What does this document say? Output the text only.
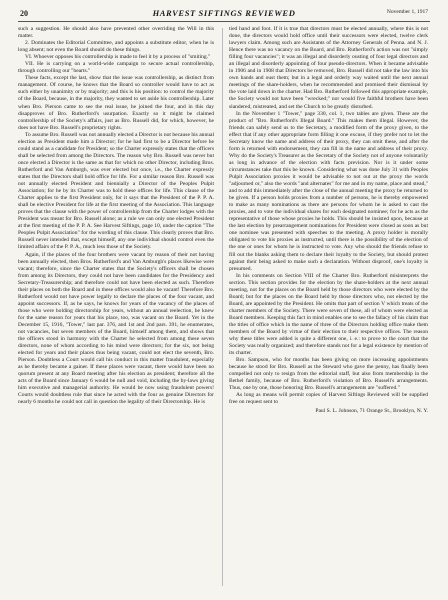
20	HARVEST SIFTINGS REVIEWED	November 1, 1917

such a suggestion. He should also have prevented other overriding the Will in this matter.

2. Dominates the Editorial Committee, and appoints a substitute editor, when he is long absent; not even the Board should do these things.

VI. Whoever opposes his controllership is made to feel it by a process of "smiting."

VII. He is carrying on a world-wide campaign to secure actual controllership, through controlling our "hearts."

These facts, except the last, show that the issue was controllership, as distinct from management. Of course, he knows that the Board so controller would have to act as such either by unanimity or by majority; and this is his position: to control the majority of the Board, because, in the majority, they wanted to set aside his controllership. Later when Bro. Pierson came to see the real issue, he joined the four, and in this day disapproves of Bro. Rutherford's usurpation. Exactly so it might be claimed controllership of the Society's affairs, just as Bro. Russell did, for which, however, he does not have Bro. Russell's proprietary rights.

To assume Bro. Russell was not annually elected a Director is not because his annual election as President made him a Director; for he had first to be a Director before he could stand as a candidate for President; so the Charter expressly states that the officers shall be selected from among the Directors. The reason why Bro. Russell was never but once elected a Director is the same as that for which no other Director, including Bros. Rutherford and Van Amburgh, was ever elected but once, i.e., the Charter expressly states that the Directors shall hold office for life. For a similar reason Bro. Russell was not annually elected President and biennially a Director of the Peoples Pulpit Association; for he by its Charter was to hold these offices for life. This clause of the Charter applies to the first President only, for it says that the President of the P. P. A. shall be elective President for life at the first meeting of the Association. This language proves that the clause with the power of controllership from the Charter lodges with the President was meant for Bro. Russell alone; as a rule we can only one elected President at the first meeting of the P. P. A. See Harvest Siftings, page 10, under the caption "The Peoples Pulpit Association" for the wording of this clause. This clearly proves that Bro. Russell never intended that, except himself, any one individual should control even the limited affairs of the P. P. A., much less those of the Society.

Again, if the places of the four brothers were vacant by reason of their not having been annually elected, then Bros. Rutherford's and Van Amburgh's places likewise were vacant; therefore, since the Charter states that the Society's officers shall be chosen from among its Directors, they could not have been candidates for the Presidency and Secretary-Treasurership; and therefore could not have been elected as such. Therefore their places on both the Board and in these offices would also be vacant! Therefore Bro. Rutherford would not have power legally to declare the places of the four vacant, and appoint successors. If, as he says, he knows for years of the vacancy of the places of those who were holding directorship for years, without an annual reelection, he knew for the same reason for years that his place, too, was vacant on the Board. Yet in the December 15, 1916, "Tower," last par. 376, and 1st and 2nd pars. 391, he enumerates, not vacancies, but seven members of the Board, himself among them, and shows that the officers stood in harmony with the Charter he selected from among these seven directors, none of whom according to his mind were directors; for the six, not being elected for years and their places thus being vacant, could not elect the seventh, Bro. Pierson. Doubtless a Court would call his conduct in this matter fraudulent, especially as he thereby became a gainer. If these places were vacant, there would have been no quorum present at any Board meeting after his election as president; therefore all the acts of the Board since January 6 would be null and void, including the by-laws giving him executive and managerial authority. He would be now using fraudulent powers! Courts would doubtless rule that since he acted with the four as genuine Directors for nearly 6 months he could not call in question the legality of their Directorship. He is

tied hand and foot. If it is true that directors must be elected annually, where this is not done, the directors would hold office until their successors were elected, twelve clerk lawyers claim. Among such are Assistants of the Attorney Generals of Penna. and N. J. Hence there was no vacancy on the Board, and Bro. Rutherford's action was not "simply filling four vacancies"; it was an illegal and disorderly ousting of four legal directors and an illegal and disorderly appointing of four pseudo-directors. When it became advisable in 1906 and in 1908 that Directors be removed, Bro. Russell did not take the law into his own hands and oust them; but in a legal and orderly way waited until the next annual meetings of the share-holders, when he recommended and promised their dismissal by the vote laid down in the charter. Had Bro. Rutherford followed this appropriate example, the Society would not have been "wrecked;" nor would five faithful brothers have been slandered, mistreated, and set the Church to be greatly disturbed.

In the November 1 "Tower," page 330, col. 1, two tables are given. These are the product of "Bro. Rutherford's Illegal Board." This makes them illegal. However, the friends can safely send us to the Secretary, a modified form of the proxy given, to the effect that if any other appropriate form filling it one excuse, if they prefer not to let the Secretary know the name and address of their proxy, they can omit these, and after the form is returned with endorsement, they can fill in the name and address of their proxy. Why do the Society's Treasurer as the Secretary of the Society not of anyone voluntarily as long in advance of the election with facts prevision. Nor is it under some circumstances take that this be known. Considering what was done July 31 with Peoples Pulpit Association proxies it would be advisable to not out at the proxy the words "adjourned or," also the words "and alternates" for me and in my name, place and stead," and to add this immediately after the close of the annual meeting the proxy be returned to be given. If a person holds proxies from a number of persons, he is thereby empowered to make as many nominations as there are persons for whom he is asked to cast the proxies, and to vote the individual shares for each designated nominee; for he acts as the representative of those whose proxies he holds. This should be insisted upon, because at the last election by prearrangement nominations for President were closed as soon as but one nominee was presented with speeches to the meeting. A proxy holder is morally obligated to vote his proxies as instructed, until there is the possibility of the election of the one or ones for whom he is instructed to vote. Any who should the friends refuse to fill out the blanks asking them to declare their loyalty to the Society, but should protest against their being asked to make such a declaration. Without disproof, one's loyalty is presumed.

In his comments on Section VIII of the Charter Bro. Rutherford misinterprets the section. This section provides for the election by the share-holders at the next annual meeting, not for the places on the Board held by those directors who were elected by the Board; but for the places on the Board held by those directors who, not elected by the Board, are appointed by the President. He omits that part of section V which treats of the charter members of the Society. There were seven of these, all of whom were elected as Board members. Keeping this fact in mind enables one to see the fallacy of his claim that the titles of office which in the name of three of the Directors holding office make them members of the Board by virtue of their election to their respective offices. The reason why these titles were added is quite a different one, i. e.: to prove to the court that the Society was really organized; and therefore stands not for a legal existence by mention of its charter.

Bro. Sampson, who for months has been giving on more increasing appointments because he stood for Bro. Russell as the Steward who gave the penny, has finally been compelled not only to resign from the editorial staff, but also from membership in the Bethel family, because of Bro. Rutherford's violation of Bro. Russell's arrangements. Thus, one by one, those honoring Bro. Russell's arrangements are "suffered."

As long as means will permit copies of Harvest Siftings Reviewed will be supplied free on request sent to

Paul S. L. Johnson, 71 Orange St., Brooklyn, N. Y.
